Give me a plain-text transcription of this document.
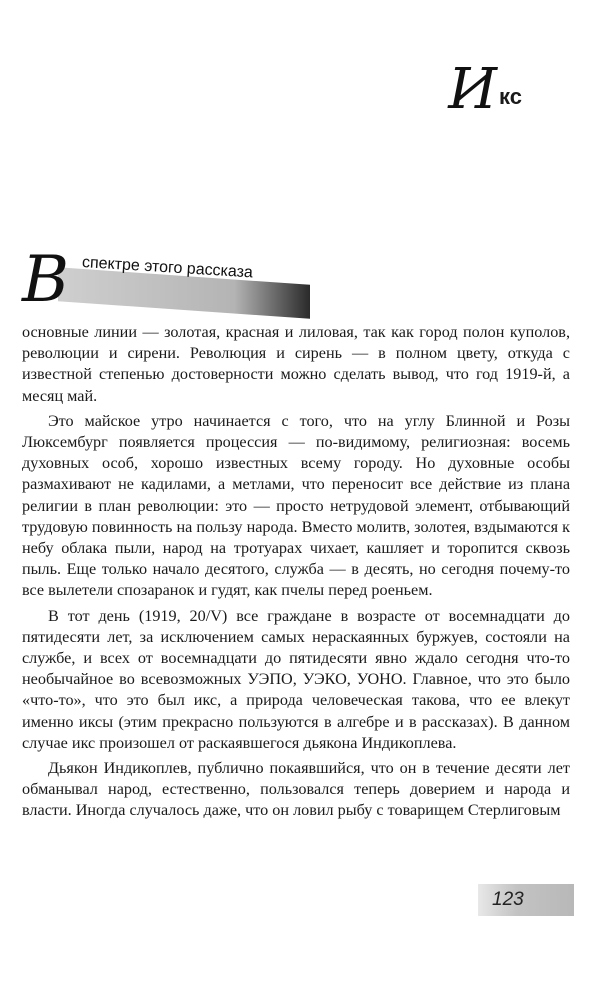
И кс
спектре этого рассказа
В

основные линии — золотая, красная и лиловая, так как город полон куполов, революции и сирени. Революция и сирень — в полном цвету, откуда с известной степенью достоверности можно сделать вывод, что год 1919-й, а месяц май.

Это майское утро начинается с того, что на углу Блинной и Розы Люксембург появляется процессия — по-видимому, религиозная: восемь духовных особ, хорошо известных всему городу. Но духовные особы размахивают не кадилами, а метлами, что переносит все действие из плана религии в план революции: это — просто нетрудовой элемент, отбывающий трудовую повинность на пользу народа. Вместо молитв, золотея, вздымаются к небу облака пыли, народ на тротуарах чихает, кашляет и торопится сквозь пыль. Еще только начало десятого, служба — в десять, но сегодня почему-то все вылетели спозаранок и гудят, как пчелы перед роеньем.

В тот день (1919, 20/V) все граждане в возрасте от восемнадцати до пятидесяти лет, за исключением самых нераскаянных буржуев, состояли на службе, и всех от восемнадцати до пятидесяти явно ждало сегодня что-то необычайное во всевозможных УЭПО, УЭКО, УОНО. Главное, что это было «что-то», что это был икс, а природа человеческая такова, что ее влекут именно иксы (этим прекрасно пользуются в алгебре и в рассказах). В данном случае икс произошел от раскаявшегося дьякона Индикоплева.

Дьякон Индикоплев, публично покаявшийся, что он в течение десяти лет обманывал народ, естественно, пользовался теперь доверием и народа и власти. Иногда случалось даже, что он ловил рыбу с товарищем Стерлиговым

123
